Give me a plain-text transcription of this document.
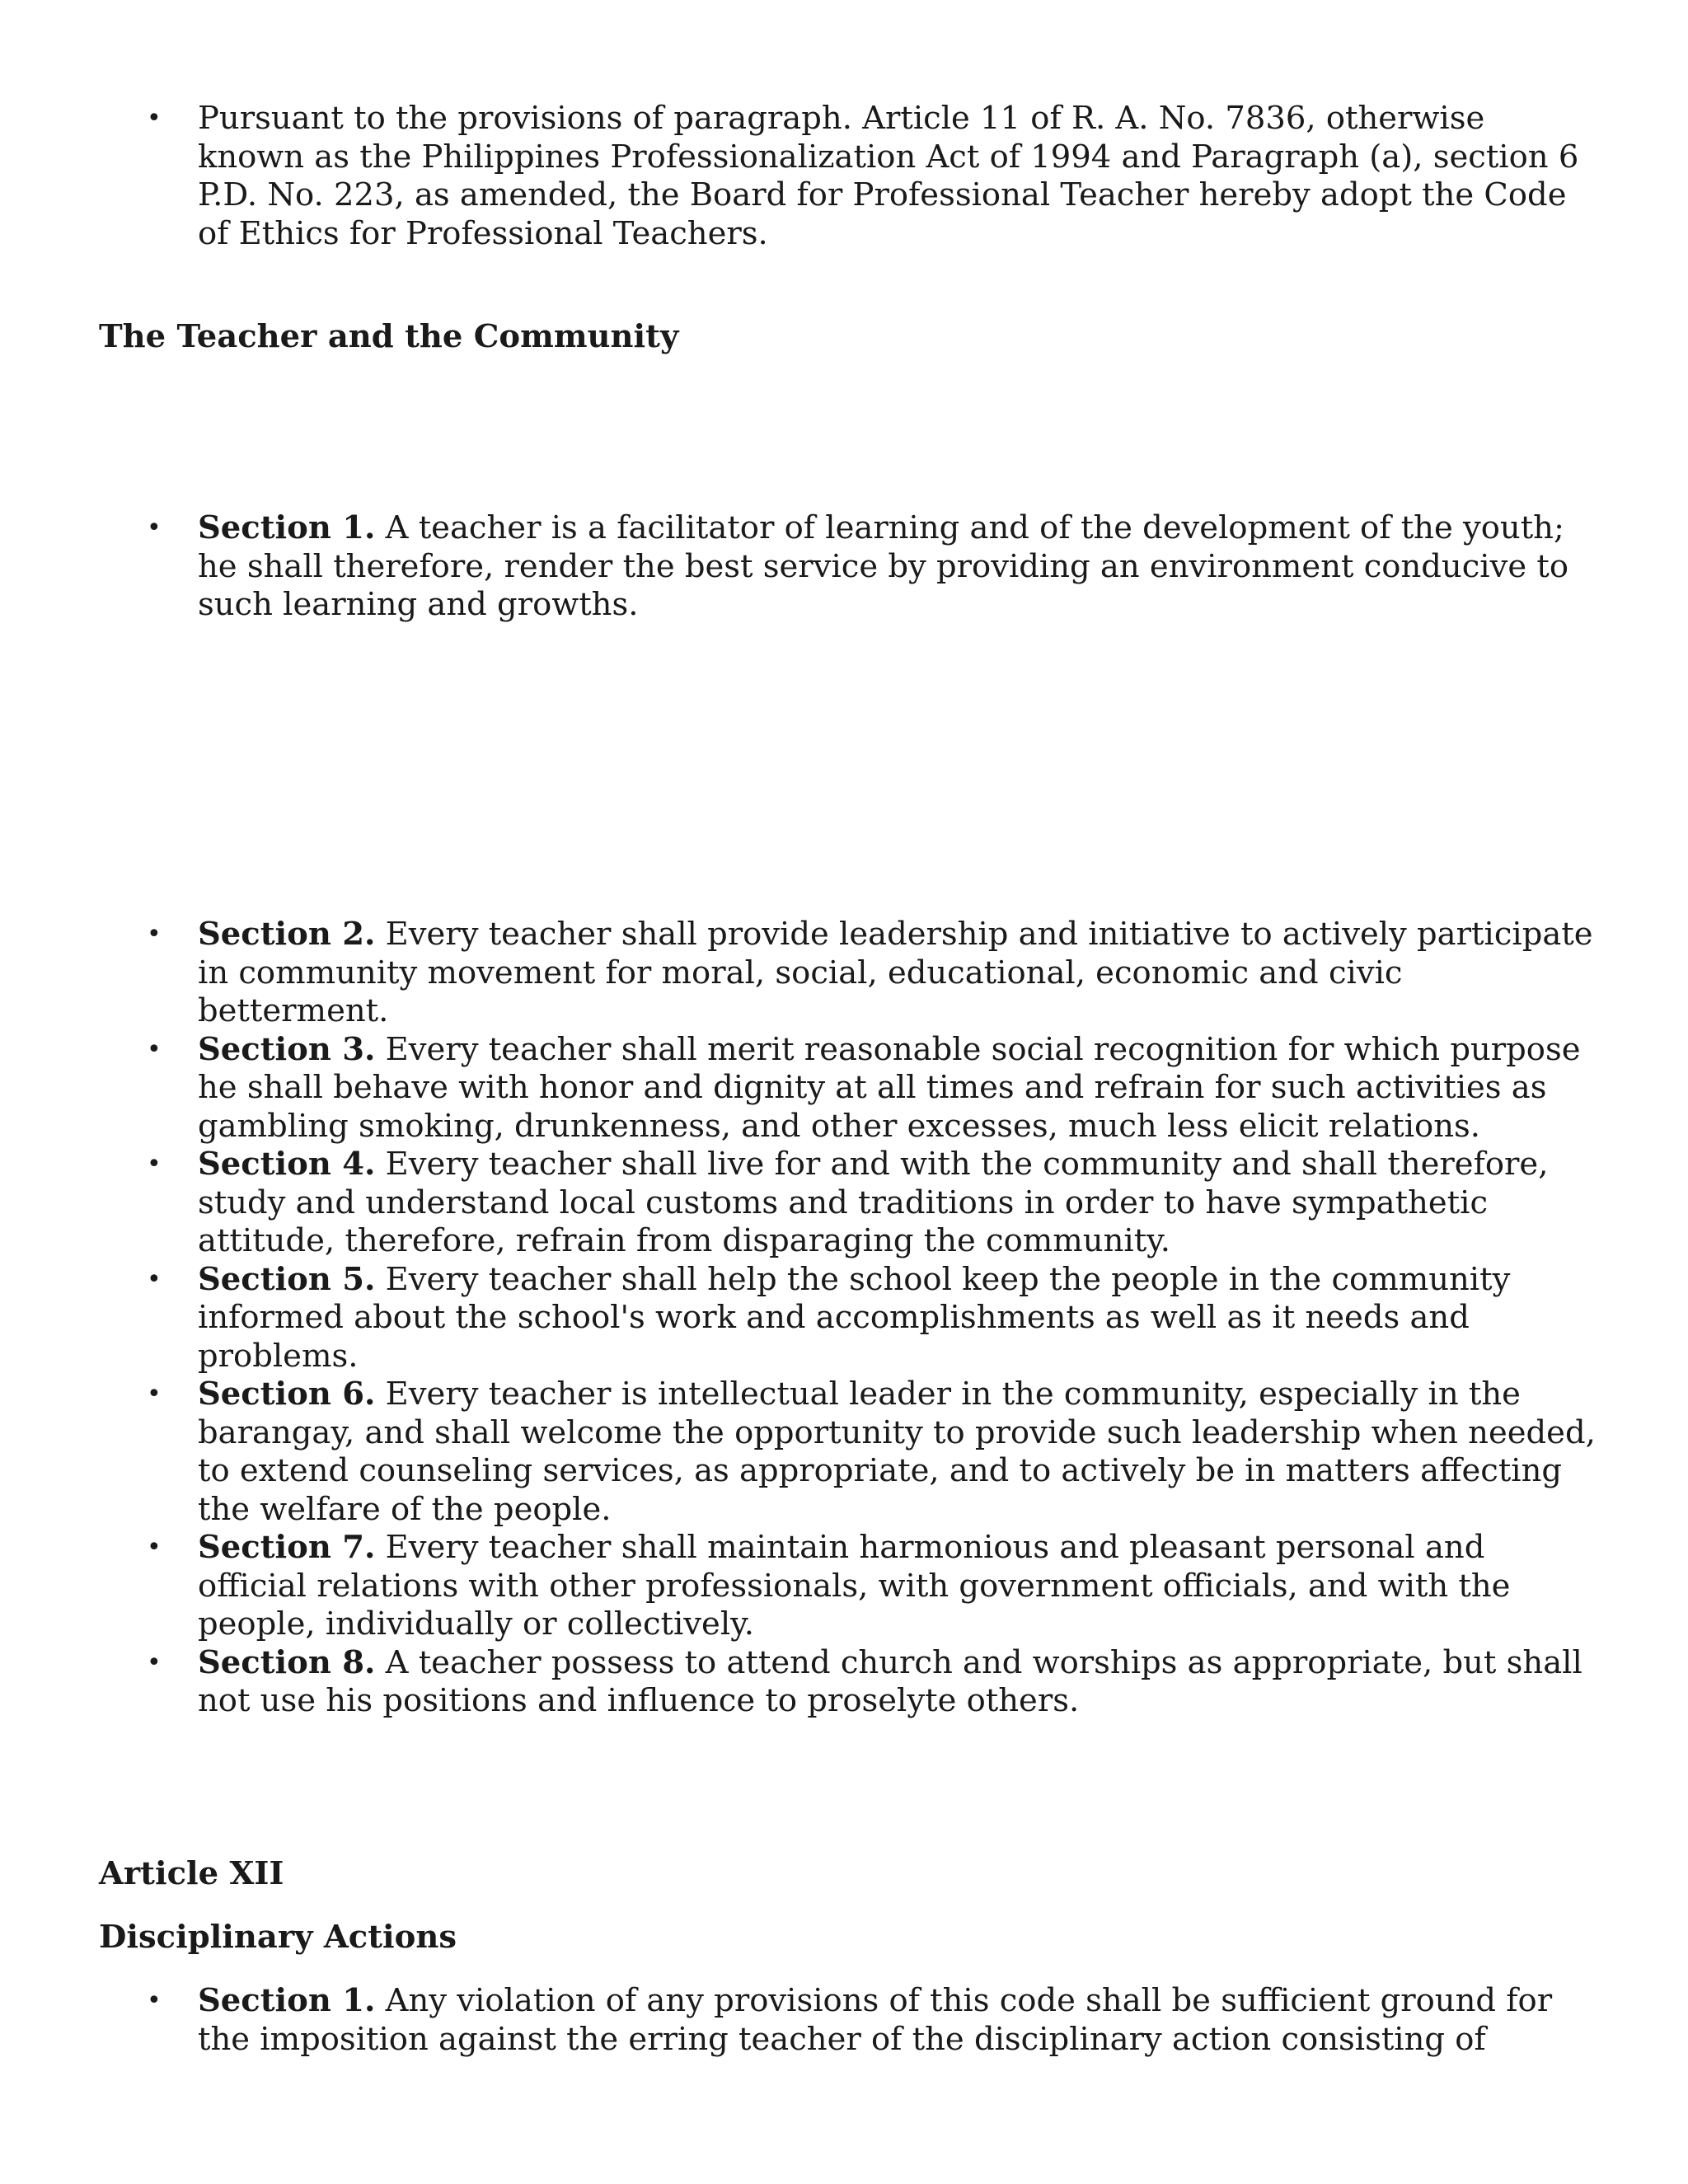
• Pursuant to the provisions of paragraph. Article 11 of R. A. No. 7836, otherwise known as the Philippines Professionalization Act of 1994 and Paragraph (a), section 6 P.D. No. 223, as amended, the Board for Professional Teacher hereby adopt the Code of Ethics for Professional Teachers.

The Teacher and the Community

• Section 1. A teacher is a facilitator of learning and of the development of the youth; he shall therefore, render the best service by providing an environment conducive to such learning and growths.
• Section 2. Every teacher shall provide leadership and initiative to actively participate in community movement for moral, social, educational, economic and civic betterment.
• Section 3. Every teacher shall merit reasonable social recognition for which purpose he shall behave with honor and dignity at all times and refrain for such activities as gambling smoking, drunkenness, and other excesses, much less elicit relations.
• Section 4. Every teacher shall live for and with the community and shall therefore, study and understand local customs and traditions in order to have sympathetic attitude, therefore, refrain from disparaging the community.
• Section 5. Every teacher shall help the school keep the people in the community informed about the school's work and accomplishments as well as it needs and problems.
• Section 6. Every teacher is intellectual leader in the community, especially in the barangay, and shall welcome the opportunity to provide such leadership when needed, to extend counseling services, as appropriate, and to actively be in matters affecting the welfare of the people.
• Section 7. Every teacher shall maintain harmonious and pleasant personal and official relations with other professionals, with government officials, and with the people, individually or collectively.
• Section 8. A teacher possess to attend church and worships as appropriate, but shall not use his positions and influence to proselyte others.

Article XII

Disciplinary Actions

• Section 1. Any violation of any provisions of this code shall be sufficient ground for the imposition against the erring teacher of the disciplinary action consisting of
